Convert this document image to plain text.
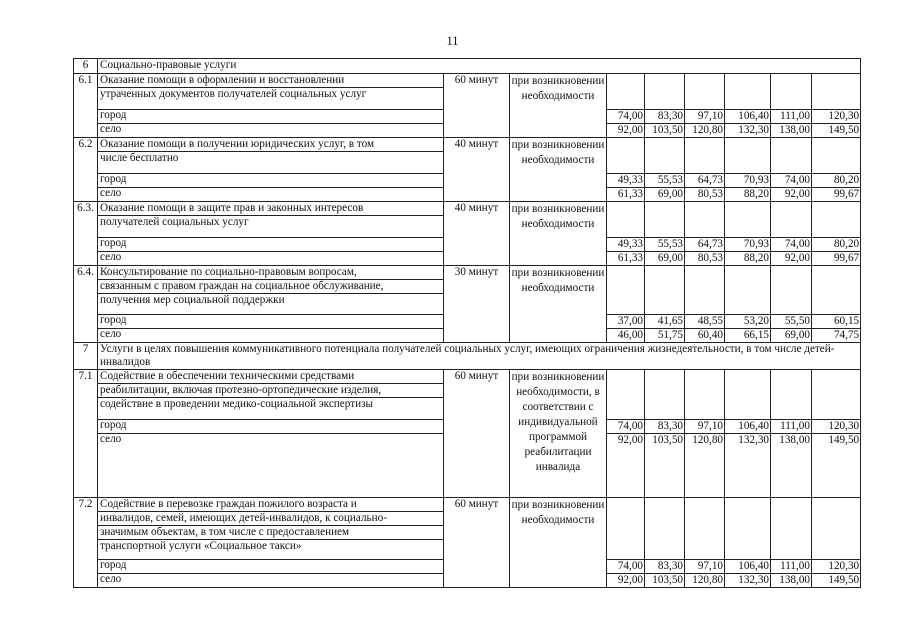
11
6	Социально-правовые услуги								
6.1	Оказание помощи в оформлении и восстановлении
утраченных документов получателей социальных услуг	60 минут	при возникновении необходимости						
	город			74,00	83,30	97,10	106,40	111,00	120,30
	село			92,00	103,50	120,80	132,30	138,00	149,50
6.2	Оказание помощи в получении юридических услуг, в том
числе бесплатно	40 минут	при возникновении необходимости						
	город			49,33	55,53	64,73	70,93	74,00	80,20
	село			61,33	69,00	80,53	88,20	92,00	99,67
6.3.	Оказание помощи в защите прав и законных интересов
получателей социальных услуг	40 минут	при возникновении необходимости						
	город			49,33	55,53	64,73	70,93	74,00	80,20
	село			61,33	69,00	80,53	88,20	92,00	99,67
6.4.	Консультирование по социально-правовым вопросам,
связанным с правом граждан на социальное обслуживание,
получения мер социальной поддержки	30 минут	при возникновении необходимости						
	город			37,00	41,65	48,55	53,20	55,50	60,15
	село			46,00	51,75	60,40	66,15	69,00	74,75
7	Услуги в целях повышения коммуникативного потенциала получателей социальных услуг, имеющих ограничения жизнедеятельности, в том числе детей-инвалидов								
7.1	Содействие в обеспечении техническими средствами
реабилитации, включая протезно-ортопедические изделия,
содействие в проведении медико-социальной экспертизы	60 минут	при возникновении необходимости, в соответствии с индивидуальной программой реабилитации инвалида						
	город			74,00	83,30	97,10	106,40	111,00	120,30
	село			92,00	103,50	120,80	132,30	138,00	149,50
7.2	Содействие в перевозке граждан пожилого возраста и
инвалидов, семей, имеющих детей-инвалидов, к социально-
значимым объектам, в том числе с предоставлением
транспортной услуги «Социальное такси»	60 минут	при возникновении необходимости						
	город			74,00	83,30	97,10	106,40	111,00	120,30
	село			92,00	103,50	120,80	132,30	138,00	149,50
